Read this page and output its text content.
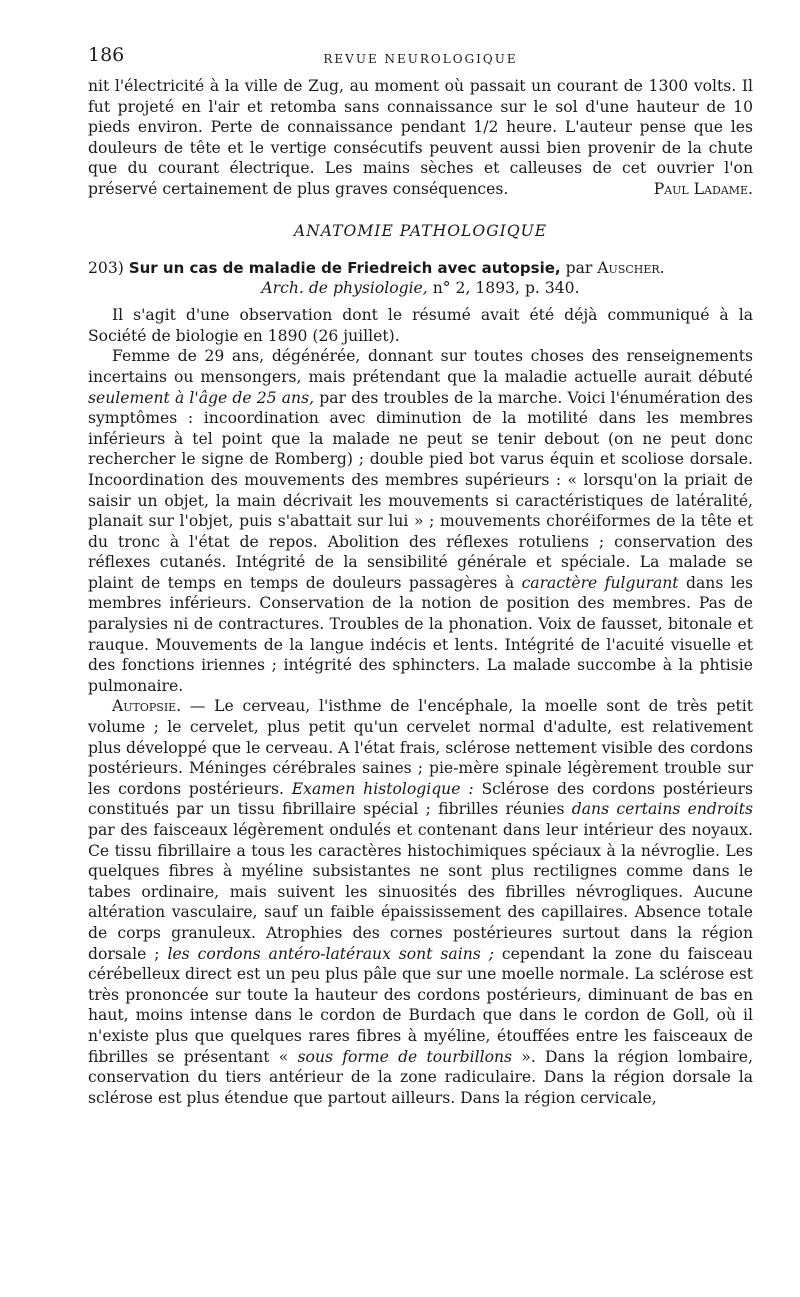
186	REVUE NEUROLOGIQUE

nit l'électricité à la ville de Zug, au moment où passait un courant de 1300 volts. Il fut projeté en l'air et retomba sans connaissance sur le sol d'une hauteur de 10 pieds environ. Perte de connaissance pendant 1/2 heure. L'auteur pense que les douleurs de tête et le vertige consécutifs peuvent aussi bien provenir de la chute que du courant électrique. Les mains sèches et calleuses de cet ouvrier l'on préservé certainement de plus graves conséquences.	Paul Ladame.

ANATOMIE PATHOLOGIQUE

203) Sur un cas de maladie de Friedreich avec autopsie, par Auscher.

Arch. de physiologie, n° 2, 1893, p. 340.

Il s'agit d'une observation dont le résumé avait été déjà communiqué à la Société de biologie en 1890 (26 juillet).

Femme de 29 ans, dégénérée, donnant sur toutes choses des renseignements incertains ou mensongers, mais prétendant que la maladie actuelle aurait débuté seulement à l'âge de 25 ans, par des troubles de la marche. Voici l'énumération des symptômes : incoordination avec diminution de la motilité dans les membres inférieurs à tel point que la malade ne peut se tenir debout (on ne peut donc rechercher le signe de Romberg) ; double pied bot varus équin et scoliose dorsale. Incoordination des mouvements des membres supérieurs : « lorsqu'on la priait de saisir un objet, la main décrivait les mouvements si caractéristiques de latéralité, planait sur l'objet, puis s'abattait sur lui » ; mouvements choréiformes de la tête et du tronc à l'état de repos. Abolition des réflexes rotuliens ; conservation des réflexes cutanés. Intégrité de la sensibilité générale et spéciale. La malade se plaint de temps en temps de douleurs passagères à caractère fulgurant dans les membres inférieurs. Conservation de la notion de position des membres. Pas de paralysies ni de contractures. Troubles de la phonation. Voix de fausset, bitonale et rauque. Mouvements de la langue indécis et lents. Intégrité de l'acuité visuelle et des fonctions iriennes ; intégrité des sphincters. La malade succombe à la phtisie pulmonaire.

Autopsie. — Le cerveau, l'isthme de l'encéphale, la moelle sont de très petit volume ; le cervelet, plus petit qu'un cervelet normal d'adulte, est relativement plus développé que le cerveau. A l'état frais, sclérose nettement visible des cordons postérieurs. Méninges cérébrales saines ; pie-mère spinale légèrement trouble sur les cordons postérieurs. Examen histologique : Sclérose des cordons postérieurs constitués par un tissu fibrillaire spécial ; fibrilles réunies dans certains endroits par des faisceaux légèrement ondulés et contenant dans leur intérieur des noyaux. Ce tissu fibrillaire a tous les caractères histochimiques spéciaux à la névroglie. Les quelques fibres à myéline subsistantes ne sont plus rectilignes comme dans le tabes ordinaire, mais suivent les sinuosités des fibrilles névrogliques. Aucune altération vasculaire, sauf un faible épaississement des capillaires. Absence totale de corps granuleux. Atrophies des cornes postérieures surtout dans la région dorsale ; les cordons antéro-latéraux sont sains ; cependant la zone du faisceau cérébelleux direct est un peu plus pâle que sur une moelle normale. La sclérose est très prononcée sur toute la hauteur des cordons postérieurs, diminuant de bas en haut, moins intense dans le cordon de Burdach que dans le cordon de Goll, où il n'existe plus que quelques rares fibres à myéline, étouffées entre les faisceaux de fibrilles se présentant « sous forme de tourbillons ». Dans la région lombaire, conservation du tiers antérieur de la zone radiculaire. Dans la région dorsale la sclérose est plus étendue que partout ailleurs. Dans la région cervicale,
